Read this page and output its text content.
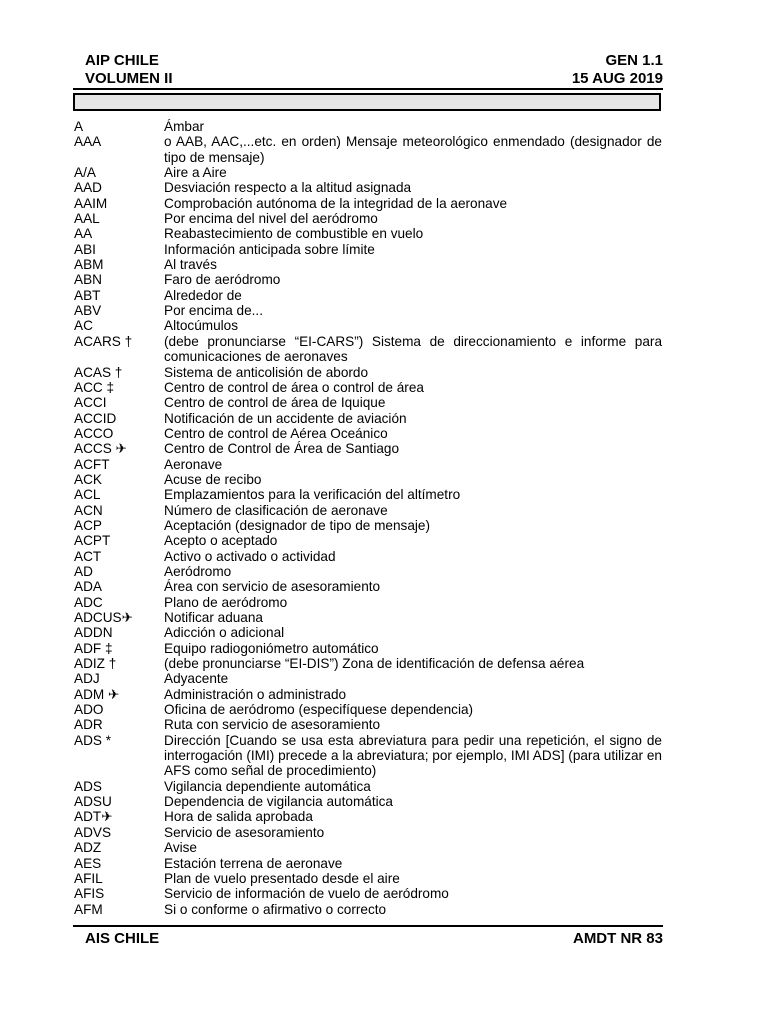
AIP CHILE	GEN 1.1
VOLUMEN II	15 AUG 2019
A	Ámbar
AAA	o AAB, AAC,...etc. en orden) Mensaje meteorológico enmendado (designador de tipo de mensaje)
A/A	Aire a Aire
AAD	Desviación respecto a la altitud asignada
AAIM	Comprobación autónoma de la integridad de la aeronave
AAL	Por encima del nivel del aeródromo
AA	Reabastecimiento de combustible en vuelo
ABI	Información anticipada sobre límite
ABM	Al través
ABN	Faro de aeródromo
ABT	Alrededor de
ABV	Por encima de...
AC	Altocúmulos
ACARS †	(debe pronunciarse “EI-CARS”) Sistema de direccionamiento e informe para comunicaciones de aeronaves
ACAS †	Sistema de anticolisión de abordo
ACC ‡	Centro de control de área o control de área
ACCI	Centro de control de área de Iquique
ACCID	Notificación de un accidente de aviación
ACCO	Centro de control de Aérea Oceánico
ACCS ✈	Centro de Control de Área de Santiago
ACFT	Aeronave
ACK	Acuse de recibo
ACL	Emplazamientos para la verificación del altímetro
ACN	Número de clasificación de aeronave
ACP	Aceptación (designador de tipo de mensaje)
ACPT	Acepto o aceptado
ACT	Activo o activado o actividad
AD	Aeródromo
ADA	Área con servicio de asesoramiento
ADC	Plano de aeródromo
ADCUS✈	Notificar aduana
ADDN	Adicción o adicional
ADF ‡	Equipo radiogoniómetro automático
ADIZ †	(debe pronunciarse “EI-DIS”) Zona de identificación de defensa aérea
ADJ	Adyacente
ADM ✈	Administración o administrado
ADO	Oficina de aeródromo (especifíquese dependencia)
ADR	Ruta con servicio de asesoramiento
ADS *	Dirección [Cuando se usa esta abreviatura para pedir una repetición, el signo de interrogación (IMI) precede a la abreviatura; por ejemplo, IMI ADS] (para utilizar en AFS como señal de procedimiento)
ADS	Vigilancia dependiente automática
ADSU	Dependencia de vigilancia automática
ADT✈	Hora de salida aprobada
ADVS	Servicio de asesoramiento
ADZ	Avise
AES	Estación terrena de aeronave
AFIL	Plan de vuelo presentado desde el aire
AFIS	Servicio de información de vuelo de aeródromo
AFM	Si o conforme o afirmativo o correcto
AIS CHILE	AMDT NR 83
